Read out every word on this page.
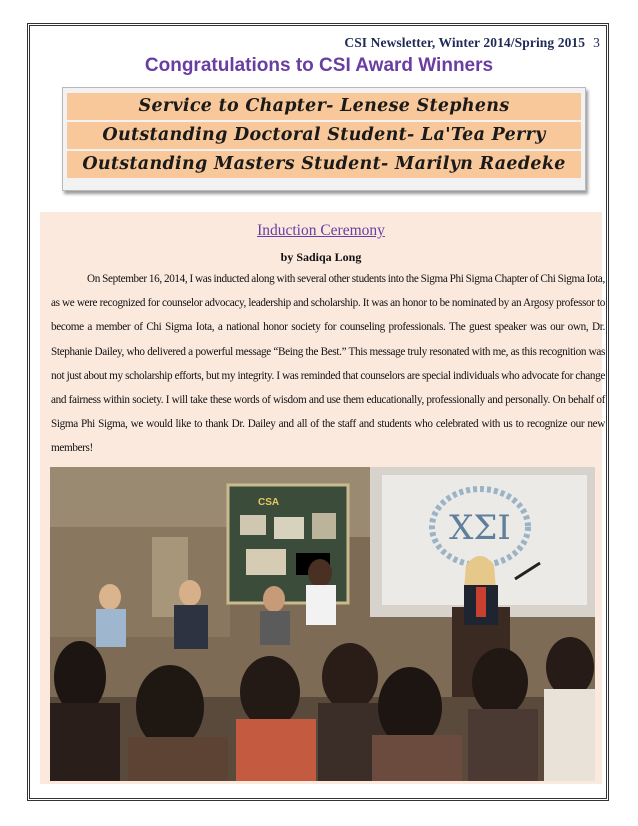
CSI Newsletter, Winter 2014/Spring 2015 3
Congratulations to CSI Award Winners
Service to Chapter- Lenese Stephens
Outstanding Doctoral Student- La'Tea Perry
Outstanding Masters Student- Marilyn Raedeke
Induction Ceremony
by Sadiqa Long

On September 16, 2014, I was inducted along with several other students into the Sigma Phi Sigma Chapter of Chi Sigma Iota, as we were recognized for counselor advocacy, leadership and scholarship. It was an honor to be nominated by an Argosy professor to become a member of Chi Sigma Iota, a national honor society for counseling professionals. The guest speaker was our own, Dr. Stephanie Dailey, who delivered a powerful message “Being the Best.” This message truly resonated with me, as this recognition was not just about my scholarship efforts, but my integrity. I was reminded that counselors are special individuals who advocate for change and fairness within society. I will take these words of wisdom and use them educationally, professionally and personally. On behalf of Sigma Phi Sigma, we would like to thank Dr. Dailey and all of the staff and students who celebrated with us to recognize our new members!

CSA
ΧΣΙ
